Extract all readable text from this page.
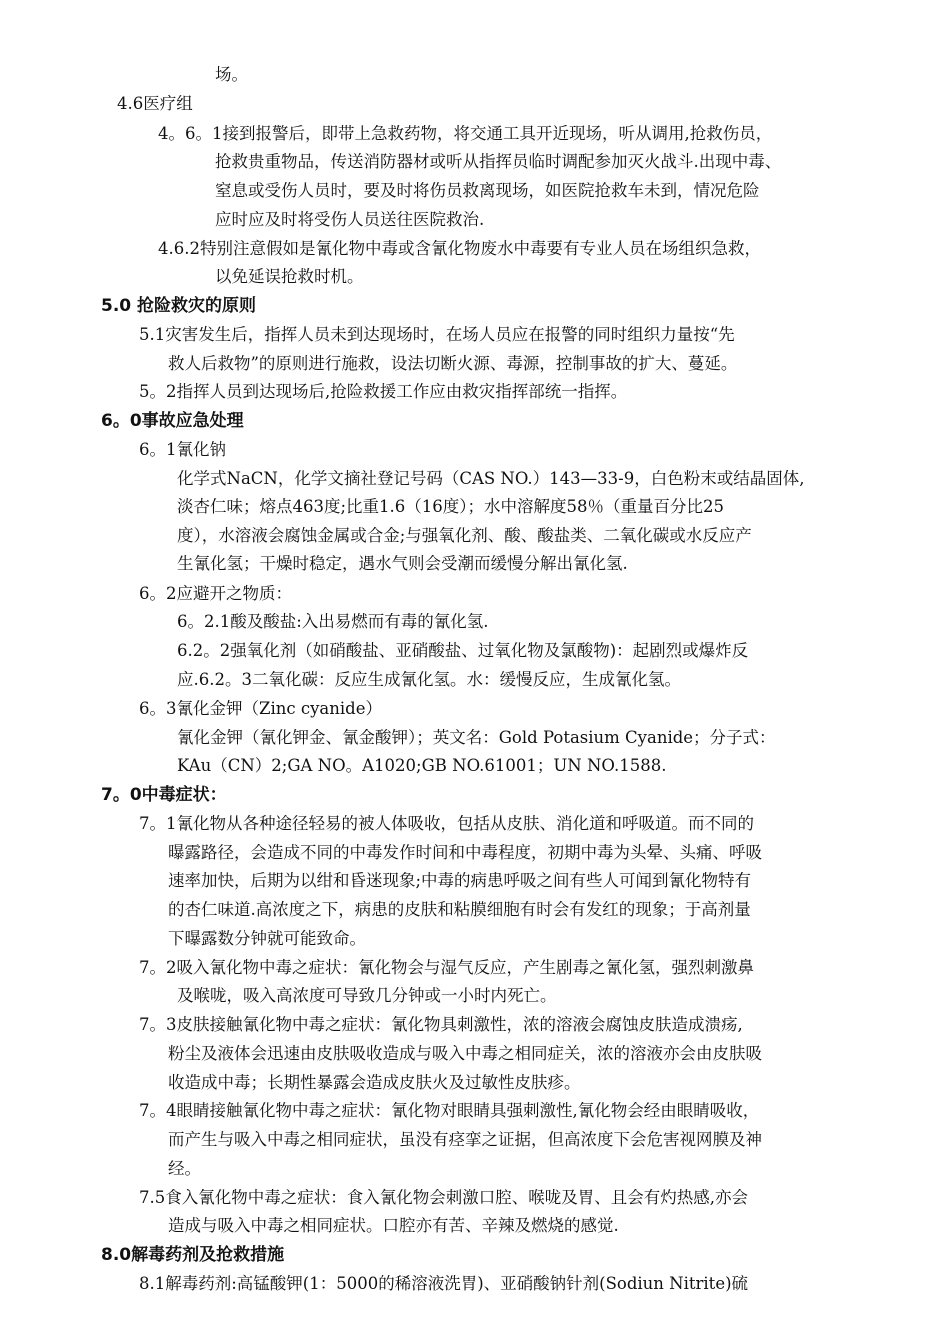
场。
4.6医疗组
4。6。1接到报警后，即带上急救药物，将交通工具开近现场，听从调用,抢救伤员，
抢救贵重物品，传送消防器材或听从指挥员临时调配参加灭火战斗.出现中毒、
窒息或受伤人员时，要及时将伤员救离现场，如医院抢救车未到，情况危险
应时应及时将受伤人员送往医院救治.
4.6.2特别注意假如是氰化物中毒或含氰化物废水中毒要有专业人员在场组织急救，
以免延误抢救时机。
5.0 抢险救灾的原则
5.1灾害发生后，指挥人员未到达现场时，在场人员应在报警的同时组织力量按“先
救人后救物”的原则进行施救，设法切断火源、毒源，控制事故的扩大、蔓延。
5。2指挥人员到达现场后,抢险救援工作应由救灾指挥部统一指挥。
6。0事故应急处理
6。1氰化钠
化学式NaCN，化学文摘社登记号码（CAS NO.）143—33-9，白色粉末或结晶固体,
淡杏仁味；熔点463度;比重1.6（16度）；水中溶解度58％（重量百分比25
度），水溶液会腐蚀金属或合金;与强氧化剂、酸、酸盐类、二氧化碳或水反应产
生氰化氢；干燥时稳定，遇水气则会受潮而缓慢分解出氰化氢.
6。2应避开之物质：
6。2.1酸及酸盐:入出易燃而有毒的氰化氢.
6.2。2强氧化剂（如硝酸盐、亚硝酸盐、过氧化物及氯酸物)：起剧烈或爆炸反
应.6.2。3二氧化碳：反应生成氰化氢。水：缓慢反应，生成氰化氢。
6。3氰化金钾（Zinc cyanide）
氰化金钾（氰化钾金、氰金酸钾）；英文名：Gold Potasium Cyanide；分子式：
KAu（CN）2;GA NO。A1020;GB NO.61001；UN NO.1588.
7。0中毒症状：
7。1氰化物从各种途径轻易的被人体吸收，包括从皮肤、消化道和呼吸道。而不同的
曝露路径，会造成不同的中毒发作时间和中毒程度，初期中毒为头晕、头痛、呼吸
速率加快，后期为以绀和昏迷现象;中毒的病患呼吸之间有些人可闻到氰化物特有
的杏仁味道.高浓度之下，病患的皮肤和粘膜细胞有时会有发红的现象；于高剂量
下曝露数分钟就可能致命。
7。2吸入氰化物中毒之症状：氰化物会与湿气反应，产生剧毒之氰化氢，强烈刺激鼻
及喉咙，吸入高浓度可导致几分钟或一小时内死亡。
7。3皮肤接触氰化物中毒之症状：氰化物具刺激性，浓的溶液会腐蚀皮肤造成溃疡,
粉尘及液体会迅速由皮肤吸收造成与吸入中毒之相同症关，浓的溶液亦会由皮肤吸
收造成中毒；长期性暴露会造成皮肤火及过敏性皮肤疹。
7。4眼睛接触氰化物中毒之症状：氰化物对眼睛具强刺激性,氰化物会经由眼睛吸收，
而产生与吸入中毒之相同症状，虽没有痉挛之证据，但高浓度下会危害视网膜及神
经。
7.5食入氰化物中毒之症状：食入氰化物会刺激口腔、喉咙及胃、且会有灼热感,亦会
造成与吸入中毒之相同症状。口腔亦有苦、辛辣及燃烧的感觉.
8.0解毒药剂及抢救措施
8.1解毒药剂:高锰酸钾(1：5000的稀溶液洗胃)、亚硝酸钠针剂(Sodiun Nitrite)硫
